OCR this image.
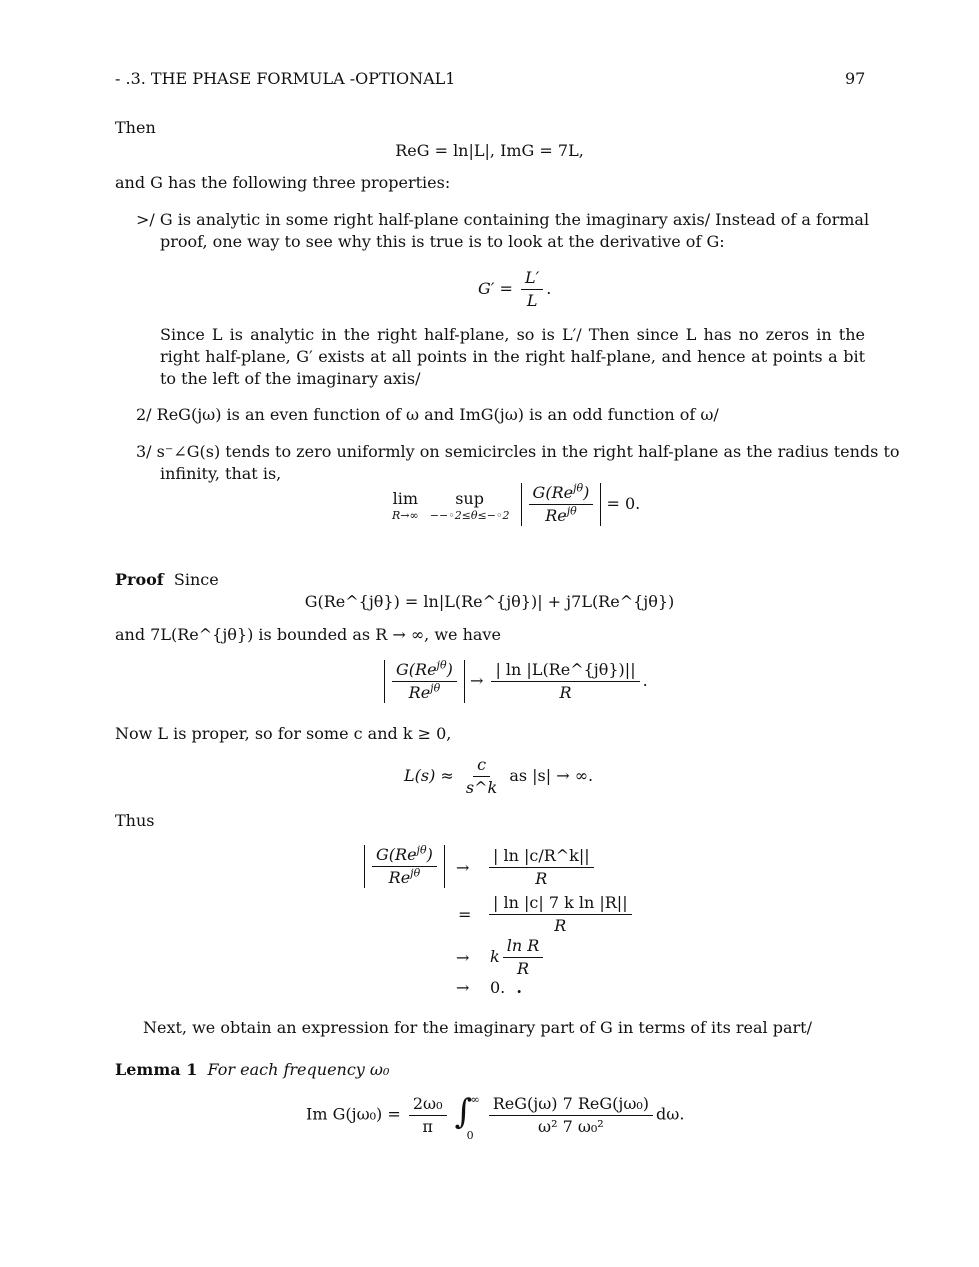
- .3. THE PHASE FORMULA -OPTIONAL1	97
Then
ReG = ln|L|, ImG = 7L,
and G has the following three properties:
>/ G is analytic in some right half-plane containing the imaginary axis/ Instead of a formal
proof, one way to see why this is true is to look at the derivative of G:
$G' = \frac{L'}{L}$ .
Since L is analytic in the right half-plane, so is L′/ Then since L has no zeros in the right half-plane, G′ exists at all points in the right half-plane, and hence at points a bit to the left of the imaginary axis/
2/ ReG(jω) is an even function of ω and ImG(jω) is an odd function of ω/
3/ s⁻∠G(s) tends to zero uniformly on semicircles in the right half-plane as the radius tends to
infinity, that is,
lim
R→∞

sup
−−◦2≤θ≤−◦2
$\frac{G(Re^{j\theta})}{Re^{j\theta}} = 0$.
Proof Since
G(Re^{jθ}) = ln|L(Re^{jθ})| + j7L(Re^{jθ})
and 7L(Re^{jθ}) is bounded as R → ∞, we have
$\frac{G(Re^{j\theta})}{Re^{j\theta}} \to \frac{| \ln |L(Re\^{}\{j\theta\})||}{R}$ .
Now L is proper, so for some c and k ≥ 0,
$L(s) \approx \frac{c}{s\^{}k}$ as |s| → ∞.
Thus
$\frac{G(Re^{j\theta})}{Re^{j\theta}} \to \frac{| \ln |c/R\^{}k||}{R}$
= $\frac{\text{| ln |c| 7 k ln |R||}}{R}$
→ k $\frac{\text{ln R}}{R}$
→ 0. .
Next, we obtain an expression for the imaginary part of G in terms of its real part/
Lemma 1 For each frequency ω₀
Im $G(j\omega_0) = \frac{\text{2ω₀}}{\pi}$
∫
∞
0
$\frac{\text{ReG(jω) 7 ReG(jω₀)}}{\text{ω² 7 ω₀²}} d\omega$.
